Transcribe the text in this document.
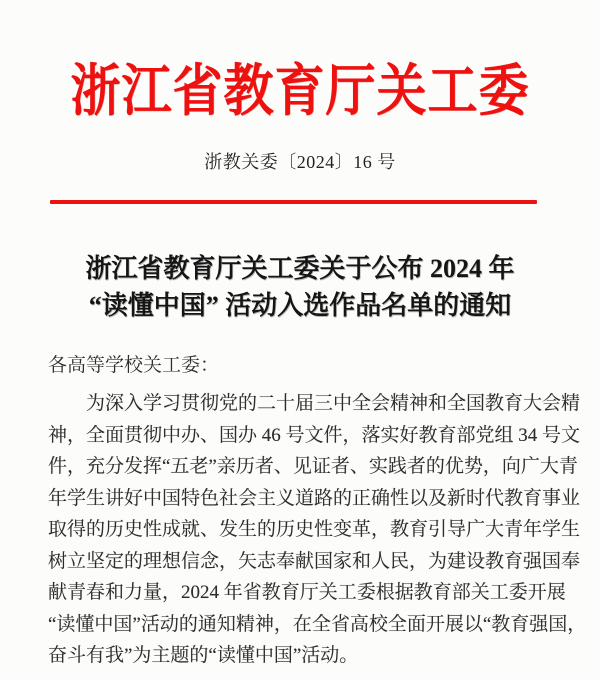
浙江省教育厅关工委
浙教关委〔2024〕16 号
浙江省教育厅关工委关于公布 2024 年
“读懂中国” 活动入选作品名单的通知

各高等学校关工委：

为深入学习贯彻党的二十届三中全会精神和全国教育大会精
神，全面贯彻中办、国办 46 号文件，落实好教育部党组 34 号文
件，充分发挥“五老”亲历者、见证者、实践者的优势，向广大青
年学生讲好中国特色社会主义道路的正确性以及新时代教育事业
取得的历史性成就、发生的历史性变革，教育引导广大青年学生
树立坚定的理想信念，矢志奉献国家和人民，为建设教育强国奉
献青春和力量，2024 年省教育厅关工委根据教育部关工委开展
“读懂中国”活动的通知精神，在全省高校全面开展以“教育强国，
奋斗有我”为主题的“读懂中国”活动。
